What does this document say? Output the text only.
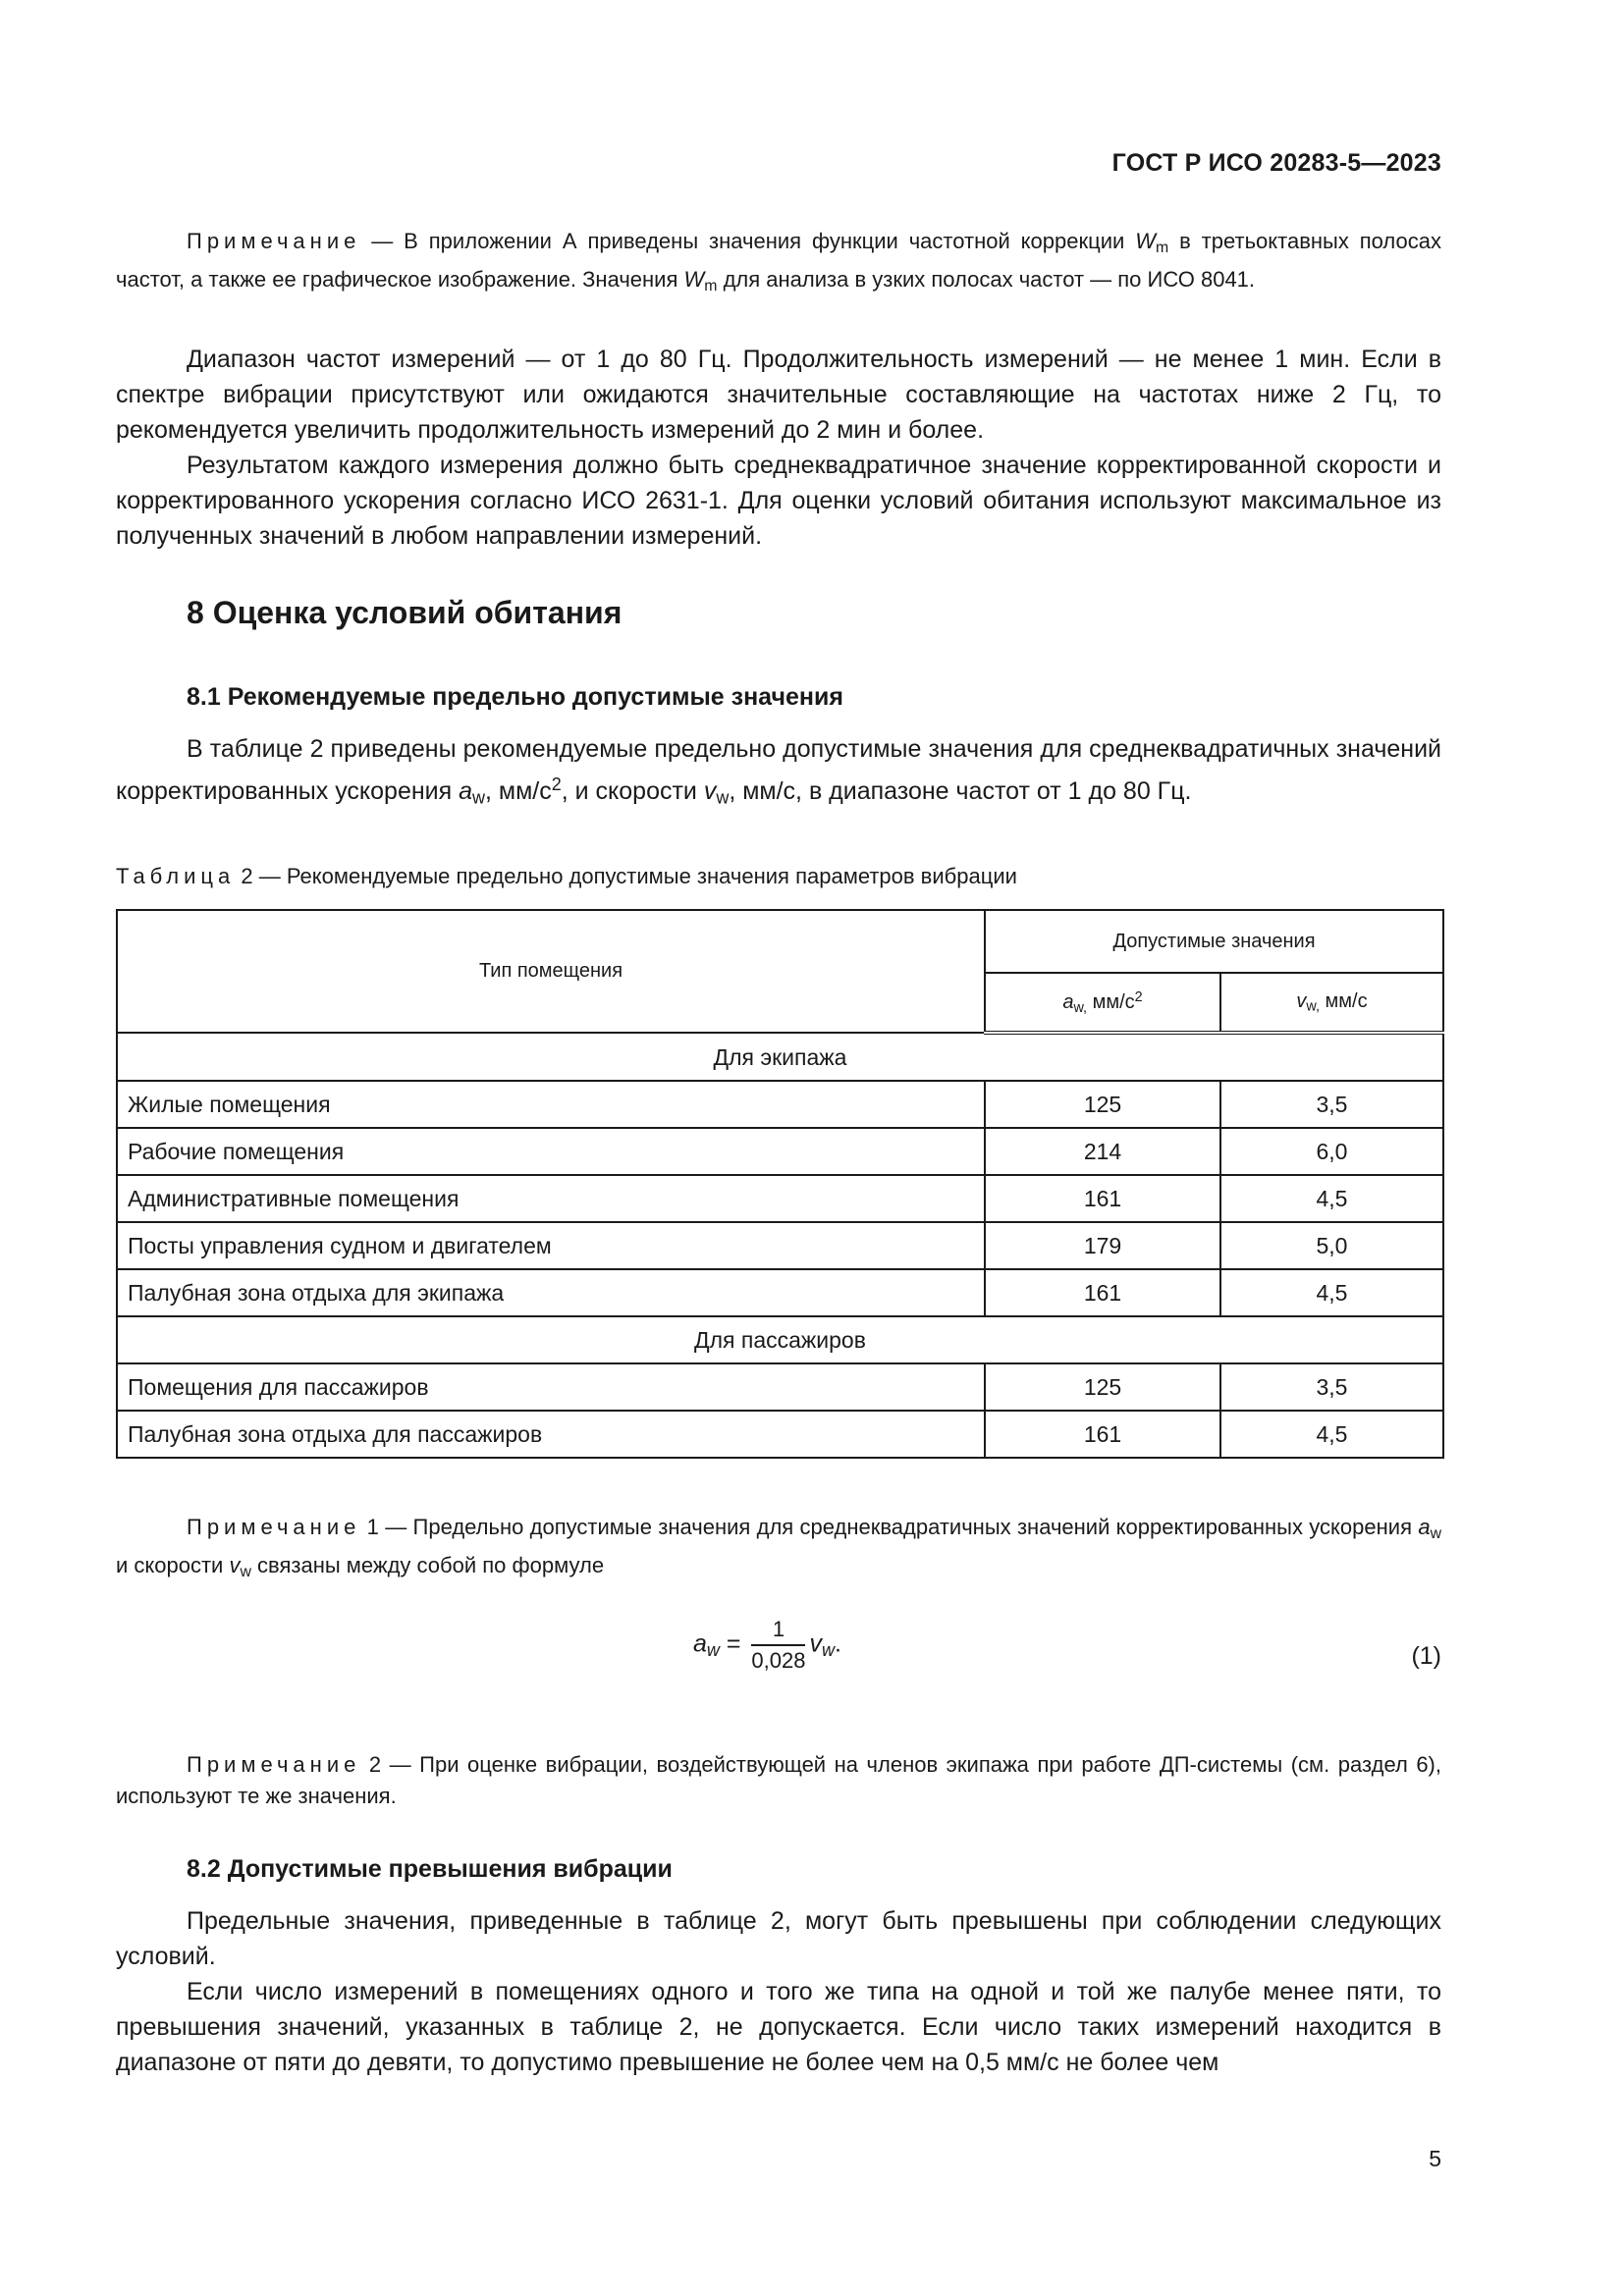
ГОСТ Р ИСО 20283-5—2023

Примечание — В приложении А приведены значения функции частотной коррекции $W_m$ в третьоктавных полосах частот, а также ее графическое изображение. Значения $W_m$ для анализа в узких полосах частот — по ИСО 8041.

Диапазон частот измерений — от 1 до 80 Гц. Продолжительность измерений — не менее 1 мин. Если в спектре вибрации присутствуют или ожидаются значительные составляющие на частотах ниже 2 Гц, то рекомендуется увеличить продолжительность измерений до 2 мин и более.

Результатом каждого измерения должно быть среднеквадратичное значение корректированной скорости и корректированного ускорения согласно ИСО 2631-1. Для оценки условий обитания используют максимальное из полученных значений в любом направлении измерений.

8 Оценка условий обитания
8.1 Рекомендуемые предельно допустимые значения

В таблице 2 приведены рекомендуемые предельно допустимые значения для среднеквадратичных значений корректированных ускорения $a_w$, $мм/с^2$, и скорости $v_w$, мм/с, в диапазоне частот от 1 до 80 Гц.

Таблица 2 — Рекомендуемые предельно допустимые значения параметров вибрации

Тип помещения	Допустимые значения	
	$a_{w,}$ $мм/с^2$	$v_{w,}$ мм/с
Для экипажа		
Жилые помещения	125	3,5
Рабочие помещения	214	6,0
Административные помещения	161	4,5
Посты управления судном и двигателем	179	5,0
Палубная зона отдыха для экипажа	161	4,5
Для пассажиров		
Помещения для пассажиров	125	3,5
Палубная зона отдыха для пассажиров	161	4,5

Примечание 1 — Предельно допустимые значения для среднеквадратичных значений корректированных ускорения $a_w$ и скорости $v_w$ связаны между собой по формуле

$a_w = \frac{1}{0,028} v_w$.	(1)

Примечание 2 — При оценке вибрации, воздействующей на членов экипажа при работе ДП-системы (см. раздел 6), используют те же значения.

8.2 Допустимые превышения вибрации

Предельные значения, приведенные в таблице 2, могут быть превышены при соблюдении следующих условий.

Если число измерений в помещениях одного и того же типа на одной и той же палубе менее пяти, то превышения значений, указанных в таблице 2, не допускается. Если число таких измерений находится в диапазоне от пяти до девяти, то допустимо превышение не более чем на 0,5 мм/с не более чем

5
